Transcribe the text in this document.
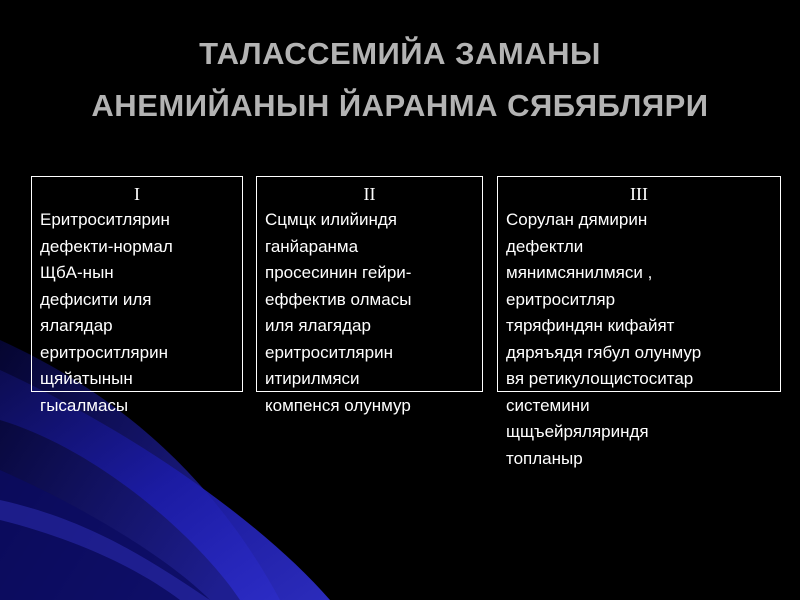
ТАЛАССЕМИЙА ЗАМАНЫ
АНЕМИЙАНЫН ЙАРАНМА СЯБЯБЛЯРИ
I
Еритроситлярин
дефекти-нормал
ЩбА-нын
дефисити иля
ялагядар
еритроситлярин
щяйатынын
гысалмасы
II
Сцмцк илийиндя
ганйаранма
просесинин гейри-
еффектив олмасы
иля ялагядар
еритроситлярин
итирилмяси
компенся олунмур
III
Сорулан дямирин
дефектли
мянимсянилмяси ,
еритроситляр
тяряфиндян кифайят
дяряъядя гябул олунмур
вя ретикулощистоситар
системини
щщъейряляриндя
топланыр
